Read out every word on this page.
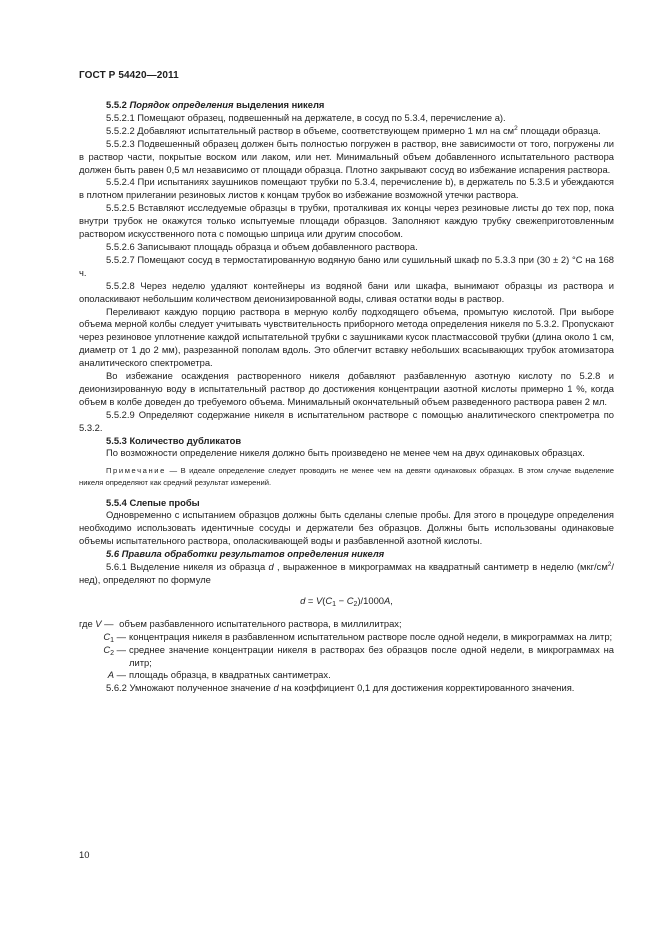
ГОСТ Р 54420—2011

5.5.2 Порядок определения выделения никеля

5.5.2.1 Помещают образец, подвешенный на держателе, в сосуд по 5.3.4, перечисление a).

5.5.2.2 Добавляют испытательный раствор в объеме, соответствующем примерно 1 мл на $см^2$ площади образца.

5.5.2.3 Подвешенный образец должен быть полностью погружен в раствор, вне зависимости от того, погружены ли в раствор части, покрытые воском или лаком, или нет. Минимальный объем добавленного испытательного раствора должен быть равен 0,5 мл независимо от площади образца. Плотно закрывают сосуд во избежание испарения раствора.

5.5.2.4 При испытаниях заушников помещают трубки по 5.3.4, перечисление b), в держатель по 5.3.5 и убеждаются в плотном прилегании резиновых листов к концам трубок во избежание возможной утечки раствора.

5.5.2.5 Вставляют исследуемые образцы в трубки, проталкивая их концы через резиновые листы до тех пор, пока внутри трубок не окажутся только испытуемые площади образцов. Заполняют каждую трубку свежеприготовленным раствором искусственного пота с помощью шприца или другим способом.

5.5.2.6 Записывают площадь образца и объем добавленного раствора.

5.5.2.7 Помещают сосуд в термостатированную водяную баню или сушильный шкаф по 5.3.3 при (30 ± 2) °С на 168 ч.

5.5.2.8 Через неделю удаляют контейнеры из водяной бани или шкафа, вынимают образцы из раствора и ополаскивают небольшим количеством деионизированной воды, сливая остатки воды в раствор.

Переливают каждую порцию раствора в мерную колбу подходящего объема, промытую кислотой. При выборе объема мерной колбы следует учитывать чувствительность приборного метода определения никеля по 5.3.2. Пропускают через резиновое уплотнение каждой испытательной трубки с заушниками кусок пластмассовой трубки (длина около 1 см, диаметр от 1 до 2 мм), разрезанной пополам вдоль. Это облегчит вставку небольших всасывающих трубок атомизатора аналитического спектрометра.

Во избежание осаждения растворенного никеля добавляют разбавленную азотную кислоту по 5.2.8 и деионизированную воду в испытательный раствор до достижения концентрации азотной кислоты примерно 1 %, когда объем в колбе доведен до требуемого объема. Минимальный окончательный объем разведенного раствора равен 2 мл.

5.5.2.9 Определяют содержание никеля в испытательном растворе с помощью аналитического спектрометра по 5.3.2.

5.5.3 Количество дубликатов

По возможности определение никеля должно быть произведено не менее чем на двух одинаковых образцах.

Примечание — В идеале определение следует проводить не менее чем на девяти одинаковых образцах. В этом случае выделение никеля определяют как средний результат измерений.

5.5.4 Слепые пробы

Одновременно с испытанием образцов должны быть сделаны слепые пробы. Для этого в процедуре определения необходимо использовать идентичные сосуды и держатели без образцов. Должны быть использованы одинаковые объемы испытательного раствора, ополаскивающей воды и разбавленной азотной кислоты.

5.6 Правила обработки результатов определения никеля

5.6.1 Выделение никеля из образца d , выраженное в микрограммах на квадратный сантиметр в неделю $(мкг/см^2/нед)$, определяют по формуле

$d = V(C_1 - C_2)/1000A$,

где V — объем разбавленного испытательного раствора, в миллилитрах;
$C_1$ — концентрация никеля в разбавленном испытательном растворе после одной недели, в микрограммах на литр;
$C_2$ — среднее значение концентрации никеля в растворах без образцов после одной недели, в микрограммах на литр;
A — площадь образца, в квадратных сантиметрах.

5.6.2 Умножают полученное значение d на коэффициент 0,1 для достижения корректированного значения.

10
